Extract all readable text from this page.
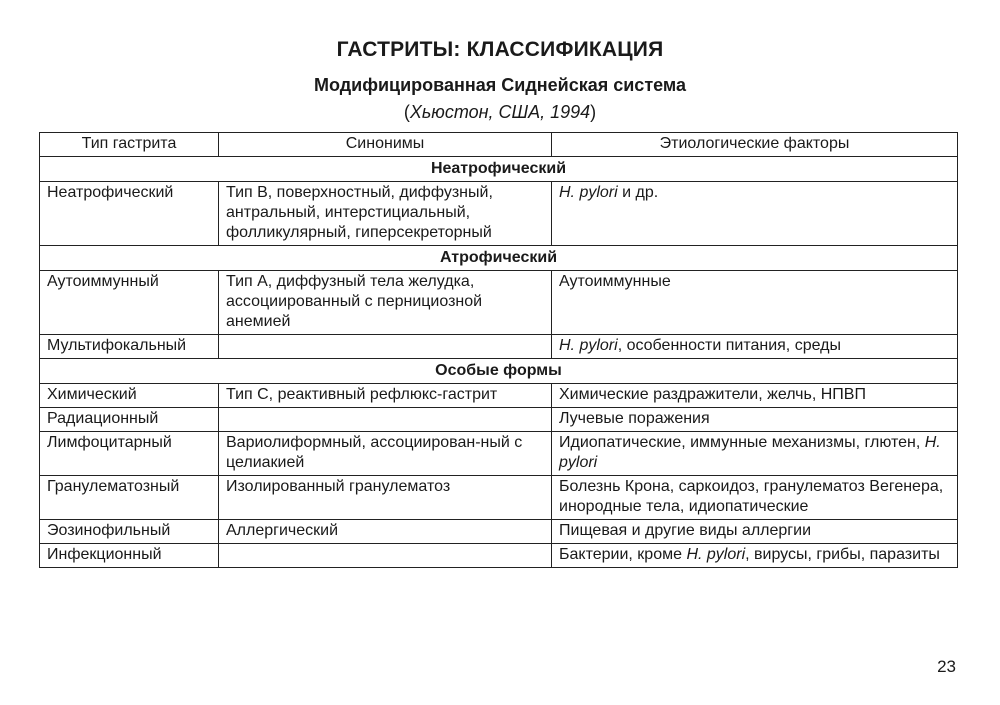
ГАСТРИТЫ: КЛАССИФИКАЦИЯ
Модифицированная Сиднейская система
(Хьюстон, США, 1994)
Тип гастрита	Синонимы	Этиологические факторы
Неатрофический		
Неатрофический	Тип В, поверхностный, диффузный, антральный, интерстициальный, фолликулярный, гиперсекреторный	H. pylori и др.
Атрофический		
Аутоиммунный	Тип А, диффузный тела желудка, ассоциированный с пернициозной анемией	Аутоиммунные
Мультифокальный		H. pylori, особенности питания, среды
Особые формы		
Химический	Тип С, реактивный рефлюкс-гастрит	Химические раздражители, желчь, НПВП
Радиационный		Лучевые поражения
Лимфоцитарный	Вариолиформный, ассоциирован-ный с целиакией	Идиопатические, иммунные механизмы, глютен, H. pylori
Гранулематозный	Изолированный гранулематоз	Болезнь Крона, саркоидоз, гранулематоз Вегенера, инородные тела, идиопатические
Эозинофильный	Аллергический	Пищевая и другие виды аллергии
Инфекционный		Бактерии, кроме H. pylori, вирусы, грибы, паразиты
23
